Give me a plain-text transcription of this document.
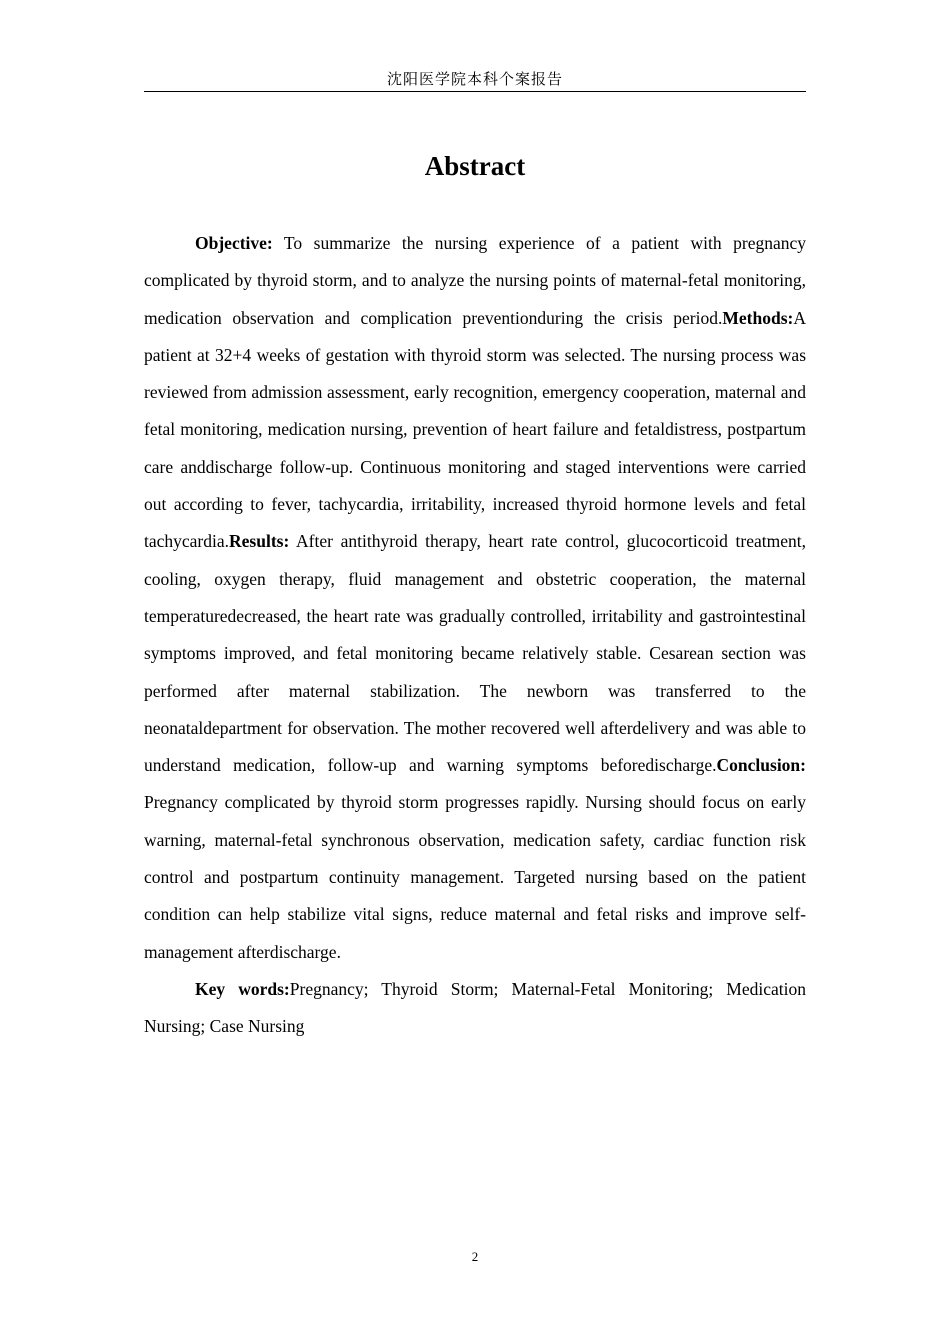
沈阳医学院本科个案报告
Abstract

Objective: To summarize the nursing experience of a patient with pregnancy complicated by thyroid storm, and to analyze the nursing points of maternal-fetal monitoring, medication observation and complication preventionduring the crisis period.Methods:A patient at 32+4 weeks of gestation with thyroid storm was selected. The nursing process was reviewed from admission assessment, early recognition, emergency cooperation, maternal and fetal monitoring, medication nursing, prevention of heart failure and fetaldistress, postpartum care anddischarge follow-up. Continuous monitoring and staged interventions were carried out according to fever, tachycardia, irritability, increased thyroid hormone levels and fetal tachycardia.Results: After antithyroid therapy, heart rate control, glucocorticoid treatment, cooling, oxygen therapy, fluid management and obstetric cooperation, the maternal temperaturedecreased, the heart rate was gradually controlled, irritability and gastrointestinal symptoms improved, and fetal monitoring became relatively stable. Cesarean section was performed after maternal stabilization. The newborn was transferred to the neonataldepartment for observation. The mother recovered well afterdelivery and was able to understand medication, follow-up and warning symptoms beforedischarge.Conclusion: Pregnancy complicated by thyroid storm progresses rapidly. Nursing should focus on early warning, maternal-fetal synchronous observation, medication safety, cardiac function risk control and postpartum continuity management. Targeted nursing based on the patient condition can help stabilize vital signs, reduce maternal and fetal risks and improve self-management afterdischarge.

Key words:Pregnancy; Thyroid Storm; Maternal-Fetal Monitoring; Medication Nursing; Case Nursing

2
